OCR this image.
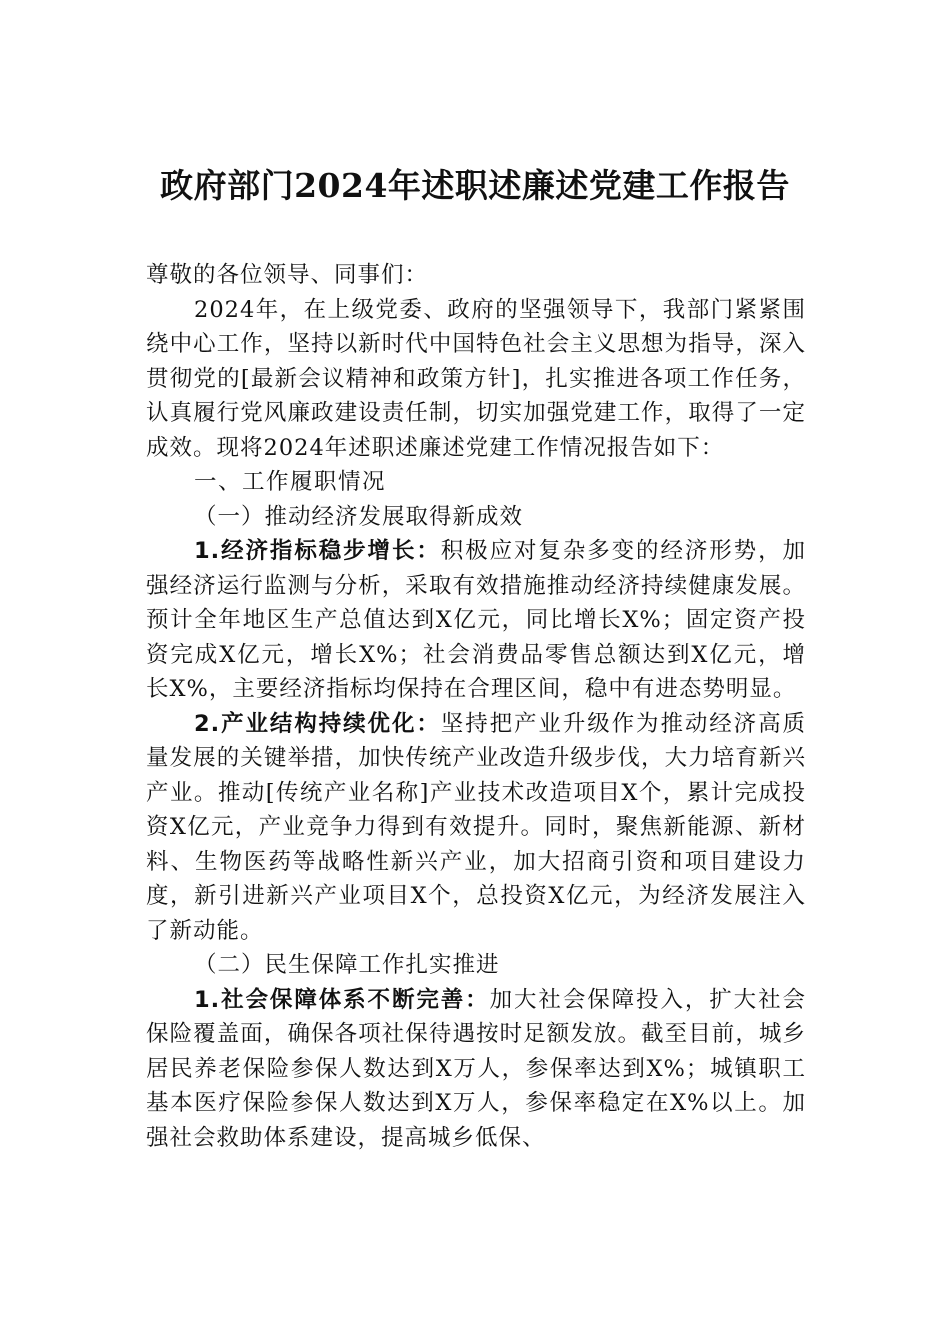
政府部门2024年述职述廉述党建工作报告

尊敬的各位领导、同事们：

2024年，在上级党委、政府的坚强领导下，我部门紧紧围绕中心工作，坚持以新时代中国特色社会主义思想为指导，深入贯彻党的[最新会议精神和政策方针]，扎实推进各项工作任务，认真履行党风廉政建设责任制，切实加强党建工作，取得了一定成效。现将2024年述职述廉述党建工作情况报告如下：

一、工作履职情况

（一）推动经济发展取得新成效

1.经济指标稳步增长：积极应对复杂多变的经济形势，加强经济运行监测与分析，采取有效措施推动经济持续健康发展。预计全年地区生产总值达到X亿元，同比增长X%；固定资产投资完成X亿元，增长X%；社会消费品零售总额达到X亿元，增长X%，主要经济指标均保持在合理区间，稳中有进态势明显。

2.产业结构持续优化：坚持把产业升级作为推动经济高质量发展的关键举措，加快传统产业改造升级步伐，大力培育新兴产业。推动[传统产业名称]产业技术改造项目X个，累计完成投资X亿元，产业竞争力得到有效提升。同时，聚焦新能源、新材料、生物医药等战略性新兴产业，加大招商引资和项目建设力度，新引进新兴产业项目X个，总投资X亿元，为经济发展注入了新动能。

（二）民生保障工作扎实推进

1.社会保障体系不断完善：加大社会保障投入，扩大社会保险覆盖面，确保各项社保待遇按时足额发放。截至目前，城乡居民养老保险参保人数达到X万人，参保率达到X%；城镇职工基本医疗保险参保人数达到X万人，参保率稳定在X%以上。加强社会救助体系建设，提高城乡低保、
